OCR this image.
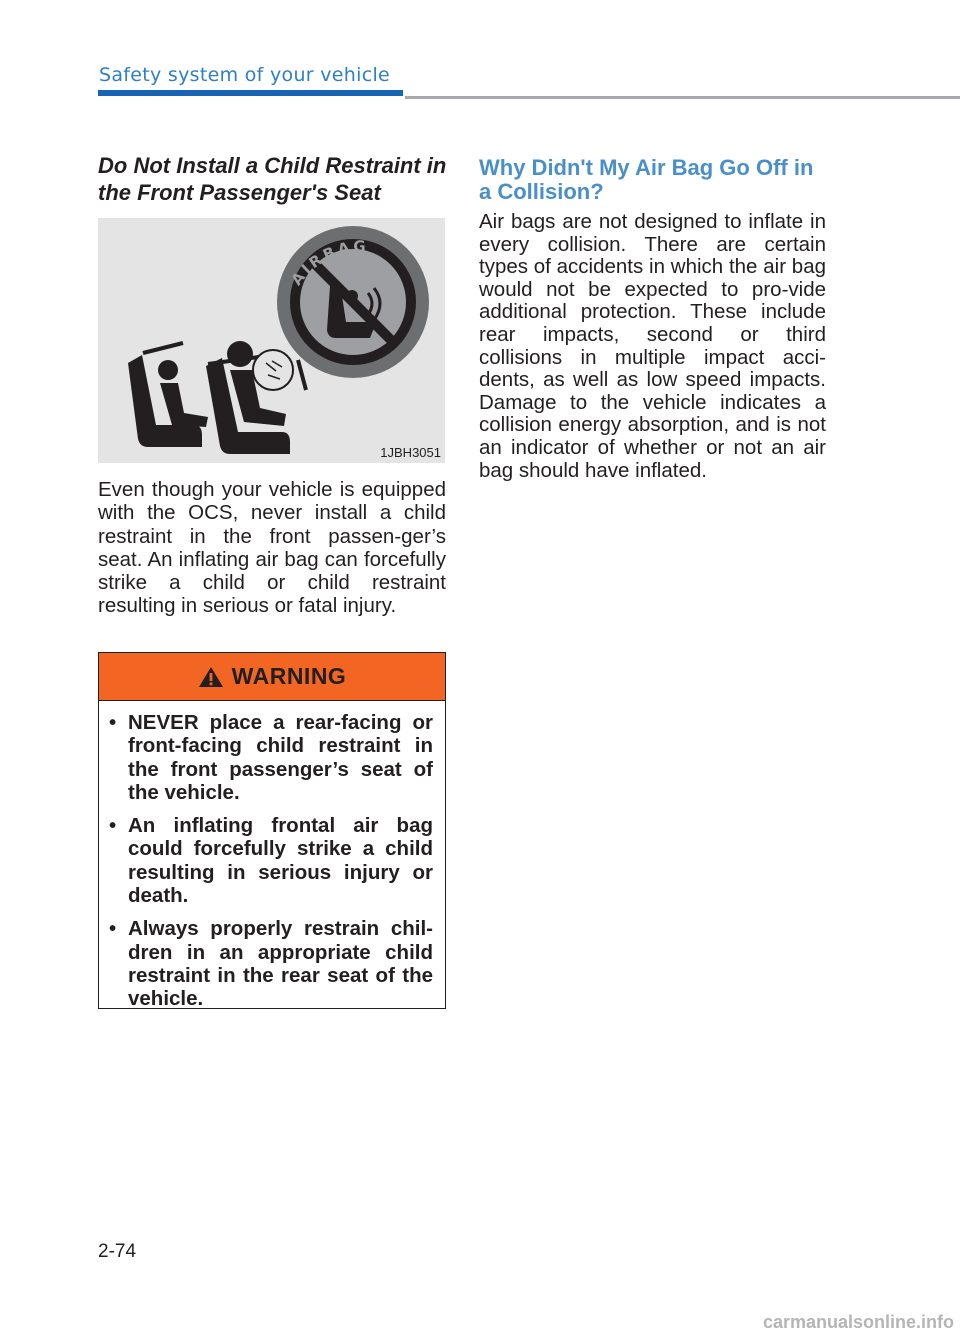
Safety system of your vehicle
Do Not Install a Child Restraint in the Front Passenger's Seat
AIRBAG
1JBH3051
Even though your vehicle is equipped with the OCS, never install a child restraint in the front passen-ger’s seat. An inflating air bag can forcefully strike a child or child restraint resulting in serious or fatal injury.
WARNING
• NEVER place a rear-facing or front-facing child restraint in the front passenger’s seat of the vehicle.
• An inflating frontal air bag could forcefully strike a child resulting in serious injury or death.
• Always properly restrain chil-dren in an appropriate child restraint in the rear seat of the vehicle.
Why Didn't My Air Bag Go Off in a Collision?
Air bags are not designed to inflate in every collision. There are certain types of accidents in which the air bag would not be expected to pro-vide additional protection. These include rear impacts, second or third collisions in multiple impact acci-dents, as well as low speed impacts. Damage to the vehicle indicates a collision energy absorption, and is not an indicator of whether or not an air bag should have inflated.
2-74
carmanualsonline.info
